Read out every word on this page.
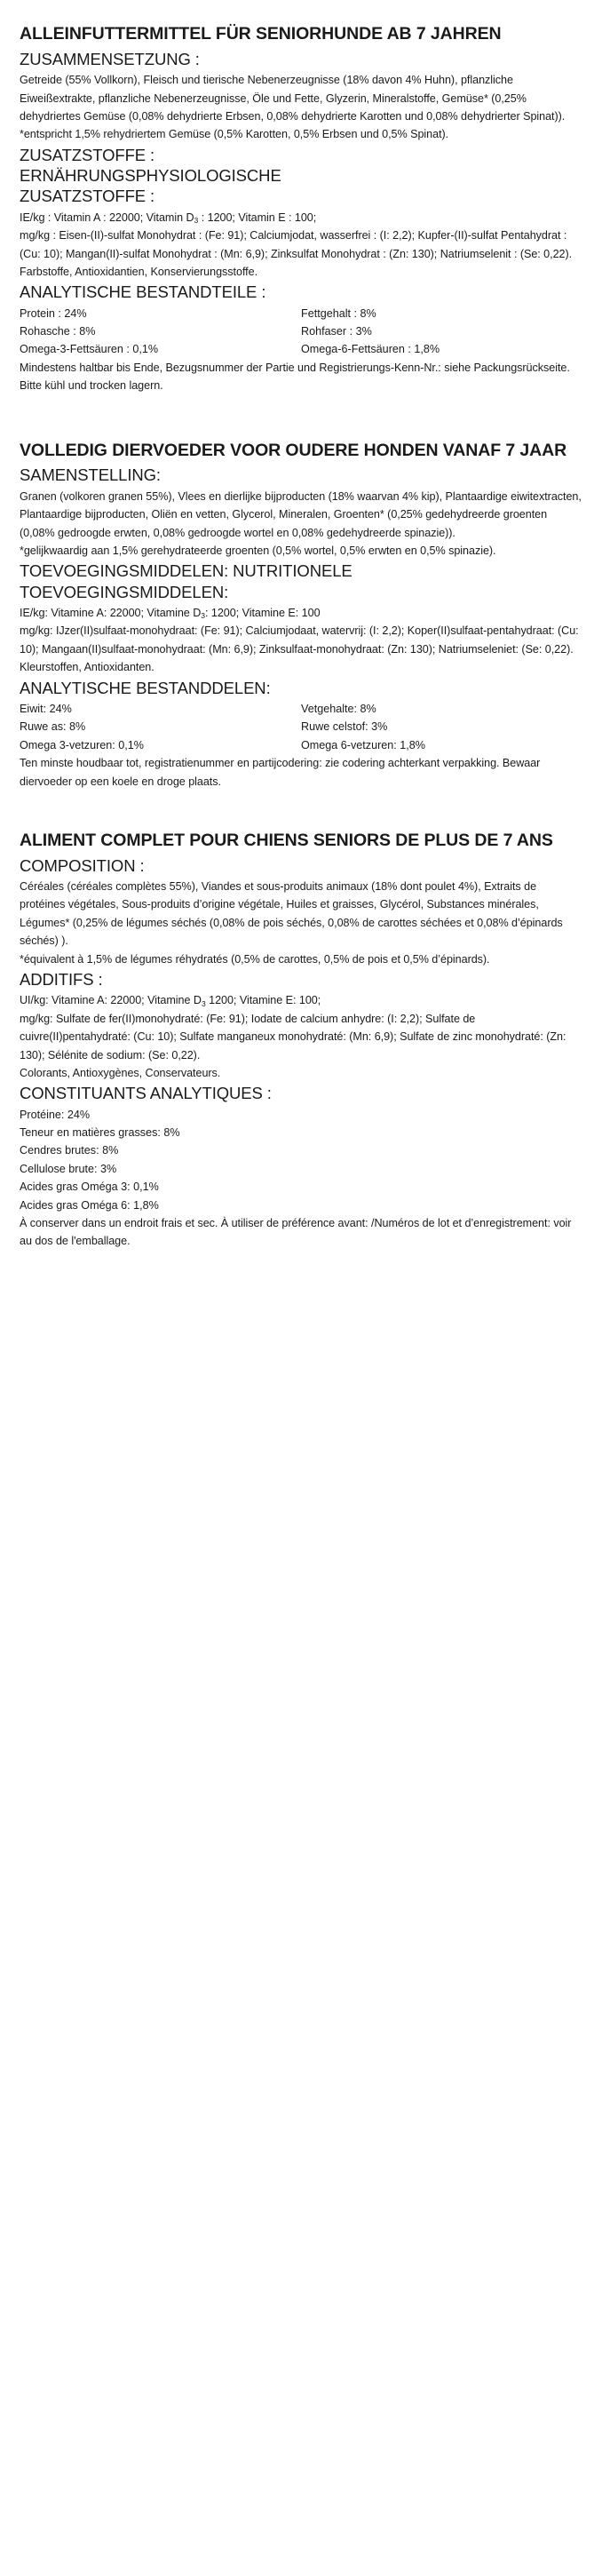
ALLEINFUTTERMITTEL FÜR SENIORHUNDE AB 7 JAHREN
ZUSAMMENSETZUNG :

Getreide (55% Vollkorn), Fleisch und tierische Nebenerzeugnisse (18% davon 4% Huhn), pflanzliche Eiweißextrakte, pflanzliche Nebenerzeugnisse, Öle und Fette, Glyzerin, Mineralstoffe, Gemüse* (0,25% dehydriertes Gemüse (0,08% dehydrierte Erbsen, 0,08% dehydrierte Karotten und 0,08% dehydrierter Spinat)).

*entspricht 1,5% rehydriertem Gemüse (0,5% Karotten, 0,5% Erbsen und 0,5% Spinat).

ZUSATZSTOFFE :
ERNÄHRUNGSPHYSIOLOGISCHE
ZUSATZSTOFFE :

IE/kg : Vitamin A : 22000; Vitamin $D_3$ : 1200; Vitamin E : 100;

mg/kg : Eisen-(II)-sulfat Monohydrat : (Fe: 91); Calciumjodat, wasserfrei : (I: 2,2); Kupfer-(II)-sulfat Pentahydrat : (Cu: 10); Mangan(II)-sulfat Monohydrat : (Mn: 6,9); Zinksulfat Monohydrat : (Zn: 130); Natriumselenit : (Se: 0,22).

Farbstoffe, Antioxidantien, Konservierungsstoffe.

ANALYTISCHE BESTANDTEILE :
Protein : 24%	Fettgehalt : 8%
Rohasche : 8%	Rohfaser : 3%
Omega-3-Fettsäuren : 0,1%	Omega-6-Fettsäuren : 1,8%

Mindestens haltbar bis Ende, Bezugsnummer der Partie und Registrierungs-Kenn-Nr.: siehe Packungsrückseite. Bitte kühl und trocken lagern.

VOLLEDIG DIERVOEDER VOOR OUDERE HONDEN VANAF 7 JAAR
SAMENSTELLING:

Granen (volkoren granen 55%), Vlees en dierlijke bijproducten (18% waarvan 4% kip), Plantaardige eiwitextracten, Plantaardige bijproducten, Oliën en vetten, Glycerol, Mineralen, Groenten* (0,25% gedehydreerde groenten (0,08% gedroogde erwten, 0,08% gedroogde wortel en 0,08% gedehydreerde spinazie)).

*gelijkwaardig aan 1,5% gerehydrateerde groenten (0,5% wortel, 0,5% erwten en 0,5% spinazie).

TOEVOEGINGSMIDDELEN: NUTRITIONELE
TOEVOEGINGSMIDDELEN:

IE/kg: Vitamine A: 22000; Vitamine $D_3$: 1200; Vitamine E: 100

mg/kg: IJzer(II)sulfaat-monohydraat: (Fe: 91); Calciumjodaat, watervrij: (I: 2,2); Koper(II)sulfaat-pentahydraat: (Cu: 10); Mangaan(II)sulfaat-monohydraat: (Mn: 6,9); Zinksulfaat-monohydraat: (Zn: 130); Natriumseleniet: (Se: 0,22).

Kleurstoffen, Antioxidanten.

ANALYTISCHE BESTANDDELEN:
Eiwit: 24%	Vetgehalte: 8%
Ruwe as: 8%	Ruwe celstof: 3%
Omega 3-vetzuren: 0,1%	Omega 6-vetzuren: 1,8%

Ten minste houdbaar tot, registratienummer en partijcodering: zie codering achterkant verpakking. Bewaar diervoeder op een koele en droge plaats.

ALIMENT COMPLET POUR CHIENS SENIORS DE PLUS DE 7 ANS
COMPOSITION :

Céréales (céréales complètes 55%), Viandes et sous-produits animaux (18% dont poulet 4%), Extraits de protéines végétales, Sous-produits d’origine végétale, Huiles et graisses, Glycérol, Substances minérales, Légumes* (0,25% de légumes séchés (0,08% de pois séchés, 0,08% de carottes séchées et 0,08% d’épinards séchés) ).

*équivalent à 1,5% de légumes réhydratés (0,5% de carottes, 0,5% de pois et 0,5% d’épinards).

ADDITIFS :

UI/kg: Vitamine A: 22000; Vitamine $D_3$ 1200; Vitamine E: 100;

mg/kg: Sulfate de fer(II)monohydraté: (Fe: 91); Iodate de calcium anhydre: (I: 2,2); Sulfate de cuivre(II)pentahydraté: (Cu: 10); Sulfate manganeux monohydraté: (Mn: 6,9); Sulfate de zinc monohydraté: (Zn: 130); Sélénite de sodium: (Se: 0,22).

Colorants, Antioxygènes, Conservateurs.

CONSTITUANTS ANALYTIQUES :
Protéine: 24%
Teneur en matières grasses: 8%
Cendres brutes: 8%
Cellulose brute: 3%
Acides gras Oméga 3: 0,1%
Acides gras Oméga 6: 1,8%

À conserver dans un endroit frais et sec. À utiliser de préférence avant: /Numéros de lot et d’enregistrement: voir au dos de l'emballage.
